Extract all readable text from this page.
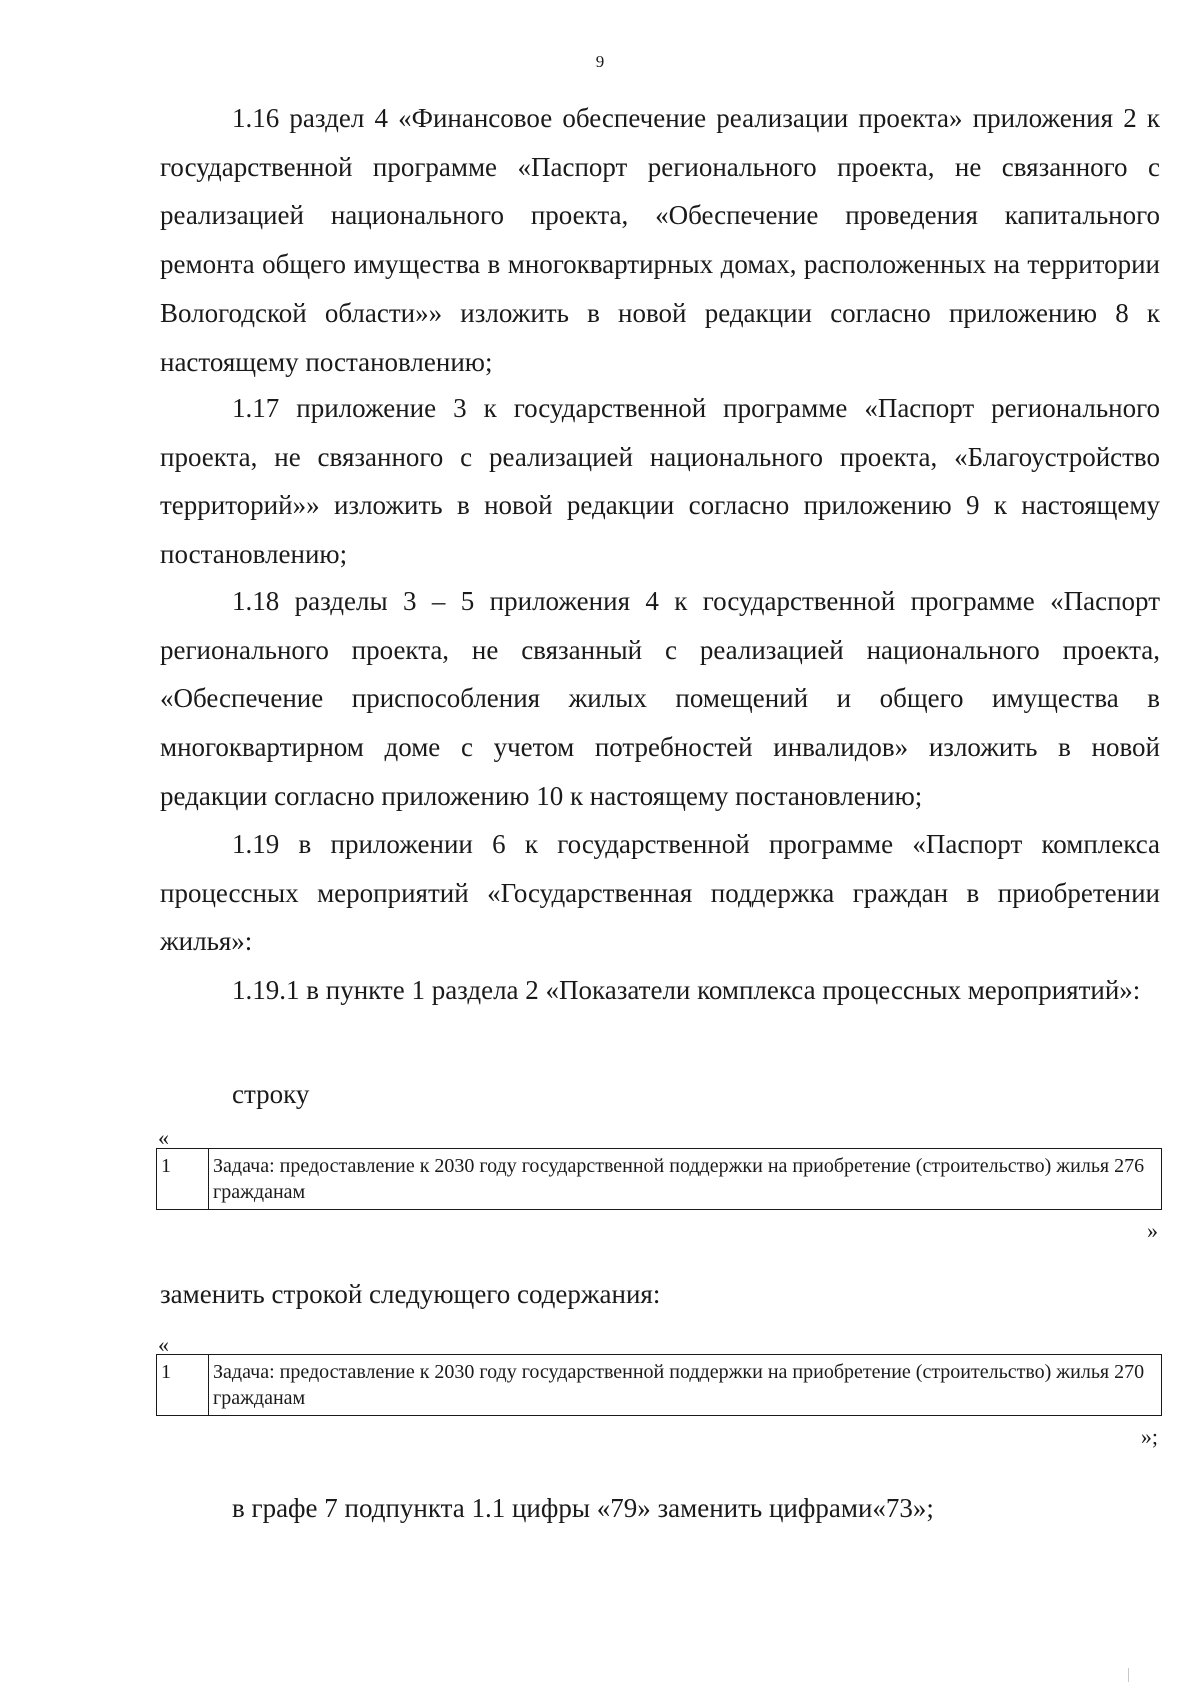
9
1.16 раздел 4 «Финансовое обеспечение реализации проекта» приложения 2 к государственной программе «Паспорт регионального проекта, не связанного с реализацией национального проекта, «Обеспечение проведения капитального ремонта общего имущества в многоквартирных домах, расположенных на территории Вологодской области»» изложить в новой редакции согласно приложению 8 к настоящему постановлению;
1.17 приложение 3 к государственной программе «Паспорт регионального проекта, не связанного с реализацией национального проекта, «Благоустройство территорий»» изложить в новой редакции согласно приложению 9 к настоящему постановлению;
1.18 разделы 3 – 5 приложения 4 к государственной программе «Паспорт регионального проекта, не связанный с реализацией национального проекта, «Обеспечение приспособления жилых помещений и общего имущества в многоквартирном доме с учетом потребностей инвалидов» изложить в новой редакции согласно приложению 10 к настоящему постановлению;
1.19 в приложении 6 к государственной программе «Паспорт комплекса процессных мероприятий «Государственная поддержка граждан в приобретении жилья»:
1.19.1 в пункте 1 раздела 2 «Показатели комплекса процессных мероприятий»:
строку
«
1	Задача: предоставление к 2030 году государственной поддержки на приобретение (строительство) жилья 276 гражданам
»
заменить строкой следующего содержания:
«
1	Задача: предоставление к 2030 году государственной поддержки на приобретение (строительство) жилья 270 гражданам
»;
в графе 7 подпункта 1.1 цифры «79» заменить цифрами«73»;
